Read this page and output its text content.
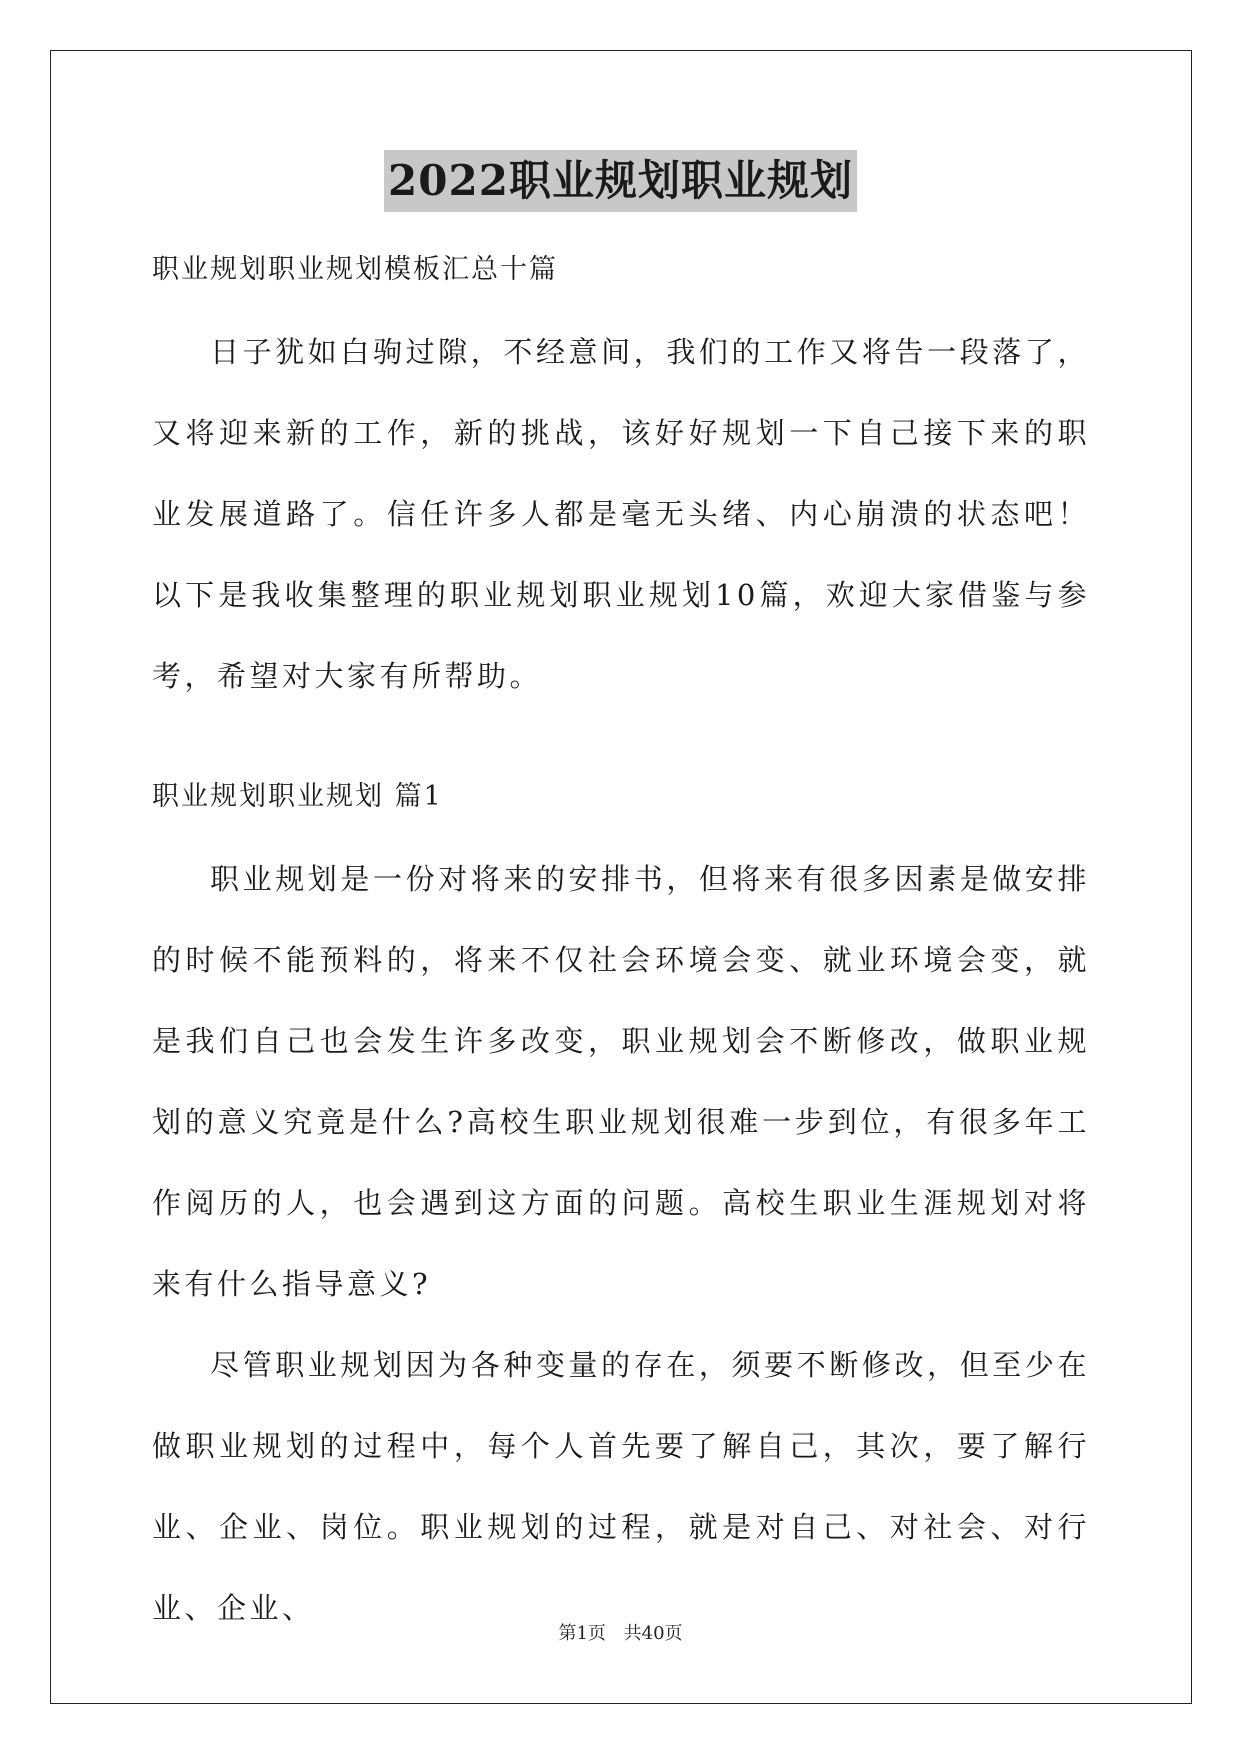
2022职业规划职业规划

职业规划职业规划模板汇总十篇

日子犹如白驹过隙，不经意间，我们的工作又将告一段落了，又将迎来新的工作，新的挑战，该好好规划一下自己接下来的职业发展道路了。信任许多人都是毫无头绪、内心崩溃的状态吧！以下是我收集整理的职业规划职业规划10篇，欢迎大家借鉴与参考，希望对大家有所帮助。

职业规划职业规划 篇1

职业规划是一份对将来的安排书，但将来有很多因素是做安排的时候不能预料的，将来不仅社会环境会变、就业环境会变，就是我们自己也会发生许多改变，职业规划会不断修改，做职业规划的意义究竟是什么?高校生职业规划很难一步到位，有很多年工作阅历的人，也会遇到这方面的问题。高校生职业生涯规划对将来有什么指导意义?

尽管职业规划因为各种变量的存在，须要不断修改，但至少在做职业规划的过程中，每个人首先要了解自己，其次，要了解行业、企业、岗位。职业规划的过程，就是对自己、对社会、对行业、企业、

第1页 共40页
